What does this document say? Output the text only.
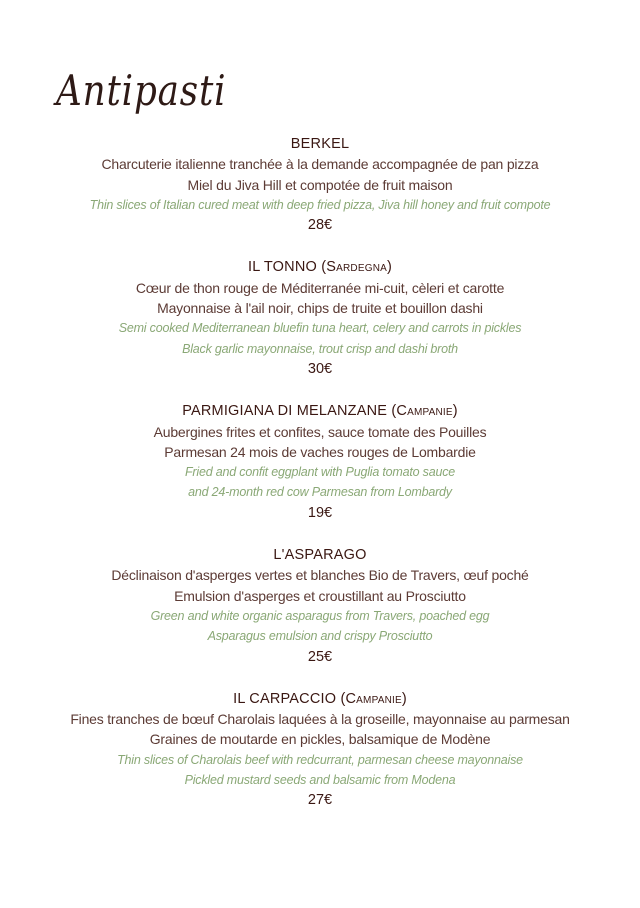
Antipasti
BERKEL
Charcuterie italienne tranchée à la demande accompagnée de pan pizza
Miel du Jiva Hill et compotée de fruit maison
Thin slices of Italian cured meat with deep fried pizza, Jiva hill honey and fruit compote
28€
IL TONNO (Sardegna)
Cœur de thon rouge de Méditerranée mi-cuit, cèleri et carotte
Mayonnaise à l'ail noir, chips de truite et bouillon dashi
Semi cooked Mediterranean bluefin tuna heart, celery and carrots in pickles
Black garlic mayonnaise, trout crisp and dashi broth
30€
PARMIGIANA DI MELANZANE (Campanie)
Aubergines frites et confites, sauce tomate des Pouilles
Parmesan 24 mois de vaches rouges de Lombardie
Fried and confit eggplant with Puglia tomato sauce
and 24-month red cow Parmesan from Lombardy
19€
L'ASPARAGO
Déclinaison d'asperges vertes et blanches Bio de Travers, œuf poché
Emulsion d'asperges et croustillant au Prosciutto
Green and white organic asparagus from Travers, poached egg
Asparagus emulsion and crispy Prosciutto
25€
IL CARPACCIO (Campanie)
Fines tranches de bœuf Charolais laquées à la groseille, mayonnaise au parmesan
Graines de moutarde en pickles, balsamique de Modène
Thin slices of Charolais beef with redcurrant, parmesan cheese mayonnaise
Pickled mustard seeds and balsamic from Modena
27€
